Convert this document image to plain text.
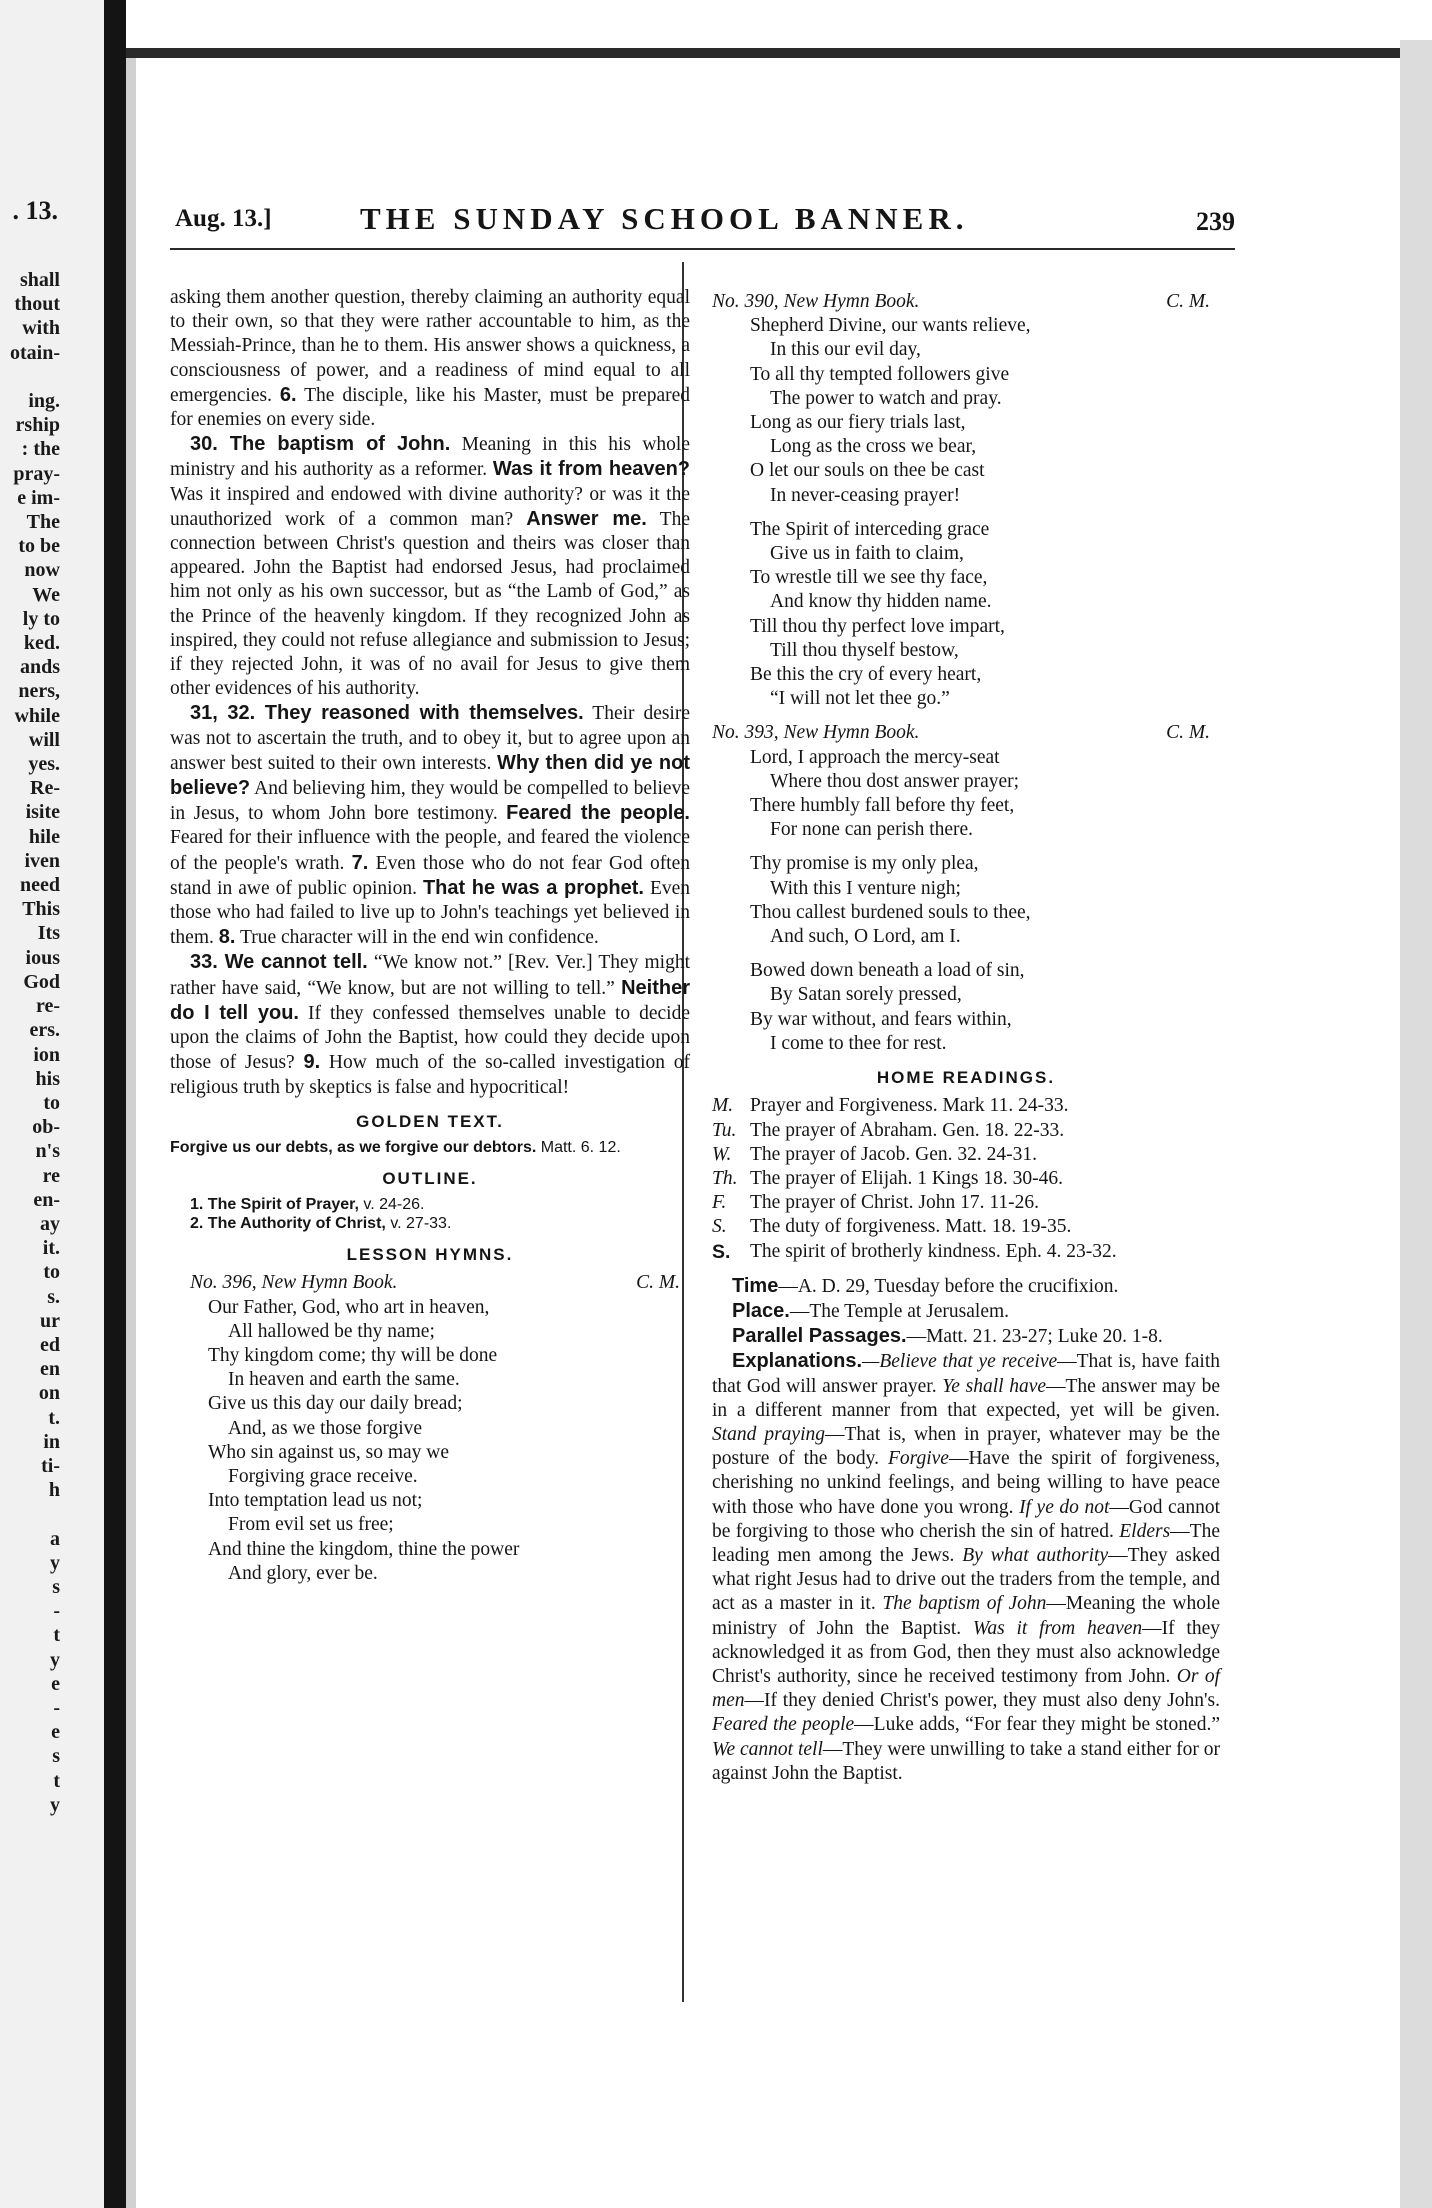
. 13.
shall
thout
with
otain-

ing.
rship
: the
pray-
e im-
The
to be
now
We
ly to
ked.
ands
ners,
while
will
yes.
Re-
isite
hile
iven
need
This
Its
ious
God
re-
ers.
ion
his
to
ob-
n's
re
en-
ay
it.
to
s.
ur
ed
en
on
t.
in
ti-
h

a
y
s
-
t
y
e
-
e
s
t
y
Aug. 13.]	THE SUNDAY SCHOOL BANNER.	239

asking them another question, thereby claiming an authority equal to their own, so that they were rather accountable to him, as the Messiah-Prince, than he to them. His answer shows a quickness, a consciousness of power, and a readiness of mind equal to all emergencies. 6. The disciple, like his Master, must be prepared for enemies on every side.

30. The baptism of John. Meaning in this his whole ministry and his authority as a reformer. Was it from heaven? Was it inspired and endowed with divine authority? or was it the unauthorized work of a common man? Answer me. The connection between Christ's question and theirs was closer than appeared. John the Baptist had endorsed Jesus, had proclaimed him not only as his own successor, but as “the Lamb of God,” as the Prince of the heavenly kingdom. If they recognized John as inspired, they could not refuse allegiance and submission to Jesus; if they rejected John, it was of no avail for Jesus to give them other evidences of his authority.

31, 32. They reasoned with themselves. Their desire was not to ascertain the truth, and to obey it, but to agree upon an answer best suited to their own interests. Why then did ye not believe? And believing him, they would be compelled to believe in Jesus, to whom John bore testimony. Feared the people. Feared for their influence with the people, and feared the violence of the people's wrath. 7. Even those who do not fear God often stand in awe of public opinion. That he was a prophet. Even those who had failed to live up to John's teachings yet believed in them. 8. True character will in the end win confidence.

33. We cannot tell. “We know not.” [Rev. Ver.] They might rather have said, “We know, but are not willing to tell.” Neither do I tell you. If they confessed themselves unable to decide upon the claims of John the Baptist, how could they decide upon those of Jesus? 9. How much of the so-called investigation of religious truth by skeptics is false and hypocritical!

GOLDEN TEXT.

Forgive us our debts, as we forgive our debtors. Matt. 6. 12.

OUTLINE.
1. The Spirit of Prayer, v. 24-26.
2. The Authority of Christ, v. 27-33.
LESSON HYMNS.
No. 396, New Hymn Book.	C. M.
Our Father, God, who art in heaven,
All hallowed be thy name;
Thy kingdom come; thy will be done
In heaven and earth the same.
Give us this day our daily bread;
And, as we those forgive
Who sin against us, so may we
Forgiving grace receive.
Into temptation lead us not;
From evil set us free;
And thine the kingdom, thine the power
And glory, ever be.
No. 390, New Hymn Book.	C. M.
Shepherd Divine, our wants relieve,
In this our evil day,
To all thy tempted followers give
The power to watch and pray.
Long as our fiery trials last,
Long as the cross we bear,
O let our souls on thee be cast
In never-ceasing prayer!
The Spirit of interceding grace
Give us in faith to claim,
To wrestle till we see thy face,
And know thy hidden name.
Till thou thy perfect love impart,
Till thou thyself bestow,
Be this the cry of every heart,
“I will not let thee go.”
No. 393, New Hymn Book.	C. M.
Lord, I approach the mercy-seat
Where thou dost answer prayer;
There humbly fall before thy feet,
For none can perish there.
Thy promise is my only plea,
With this I venture nigh;
Thou callest burdened souls to thee,
And such, O Lord, am I.
Bowed down beneath a load of sin,
By Satan sorely pressed,
By war without, and fears within,
I come to thee for rest.
HOME READINGS.
M. Prayer and Forgiveness. Mark 11. 24-33.
Tu. The prayer of Abraham. Gen. 18. 22-33.
W. The prayer of Jacob. Gen. 32. 24-31.
Th. The prayer of Elijah. 1 Kings 18. 30-46.
F.	The prayer of Christ. John 17. 11-26.
S.	The duty of forgiveness. Matt. 18. 19-35.
S.	The spirit of brotherly kindness. Eph. 4. 23-32.

Time—A. D. 29, Tuesday before the crucifixion.

Place.—The Temple at Jerusalem.

Parallel Passages.—Matt. 21. 23-27; Luke 20. 1-8.

Explanations.—Believe that ye receive—That is, have faith that God will answer prayer. Ye shall have—The answer may be in a different manner from that expected, yet will be given. Stand praying—That is, when in prayer, whatever may be the posture of the body. Forgive—Have the spirit of forgiveness, cherishing no unkind feelings, and being willing to have peace with those who have done you wrong. If ye do not—God cannot be forgiving to those who cherish the sin of hatred. Elders—The leading men among the Jews. By what authority—They asked what right Jesus had to drive out the traders from the temple, and act as a master in it. The baptism of John—Meaning the whole ministry of John the Baptist. Was it from heaven—If they acknowledged it as from God, then they must also acknowledge Christ's authority, since he received testimony from John. Or of men—If they denied Christ's power, they must also deny John's. Feared the people—Luke adds, “For fear they might be stoned.” We cannot tell—They were unwilling to take a stand either for or against John the Baptist.
